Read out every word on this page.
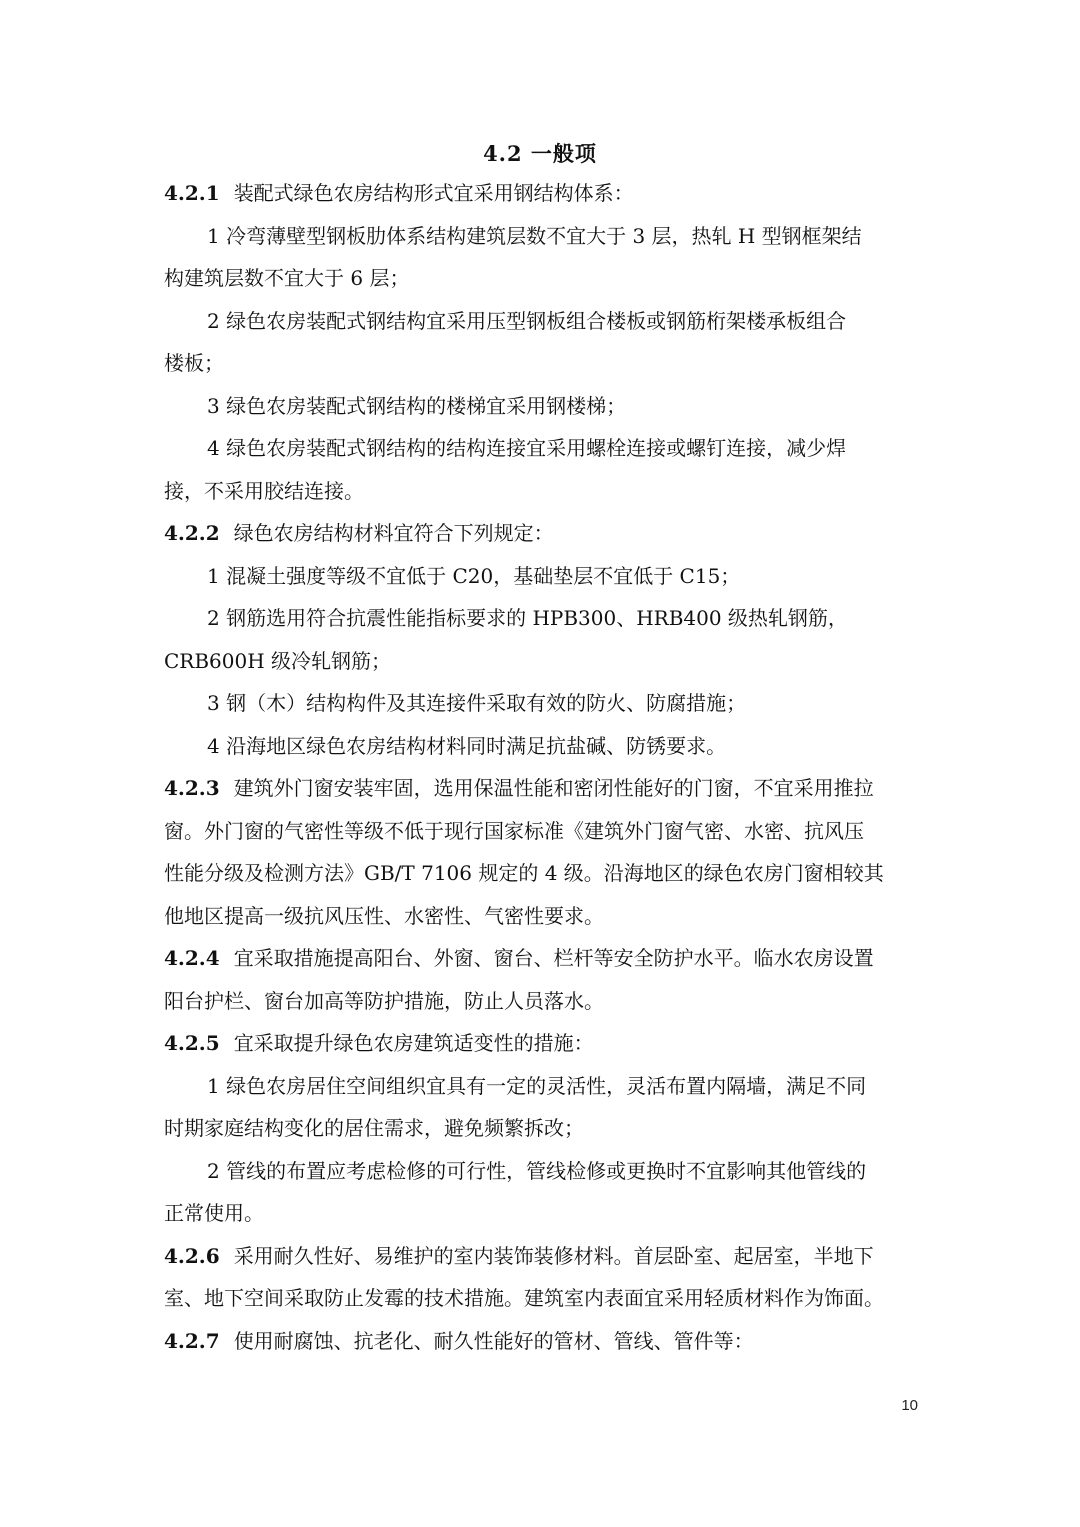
4.2 一般项
4.2.1 装配式绿色农房结构形式宜采用钢结构体系：
1 冷弯薄壁型钢板肋体系结构建筑层数不宜大于 3 层，热轧 H 型钢框架结
构建筑层数不宜大于 6 层；
2 绿色农房装配式钢结构宜采用压型钢板组合楼板或钢筋桁架楼承板组合
楼板；
3 绿色农房装配式钢结构的楼梯宜采用钢楼梯；
4 绿色农房装配式钢结构的结构连接宜采用螺栓连接或螺钉连接，减少焊
接，不采用胶结连接。
4.2.2 绿色农房结构材料宜符合下列规定：
1 混凝土强度等级不宜低于 C20，基础垫层不宜低于 C15；
2 钢筋选用符合抗震性能指标要求的 HPB300、HRB400 级热轧钢筋，
CRB600H 级冷轧钢筋；
3 钢（木）结构构件及其连接件采取有效的防火、防腐措施；
4 沿海地区绿色农房结构材料同时满足抗盐碱、防锈要求。
4.2.3 建筑外门窗安装牢固，选用保温性能和密闭性能好的门窗，不宜采用推拉
窗。外门窗的气密性等级不低于现行国家标准《建筑外门窗气密、水密、抗风压
性能分级及检测方法》GB/T 7106 规定的 4 级。沿海地区的绿色农房门窗相较其
他地区提高一级抗风压性、水密性、气密性要求。
4.2.4 宜采取措施提高阳台、外窗、窗台、栏杆等安全防护水平。临水农房设置
阳台护栏、窗台加高等防护措施，防止人员落水。
4.2.5 宜采取提升绿色农房建筑适变性的措施：
1 绿色农房居住空间组织宜具有一定的灵活性，灵活布置内隔墙，满足不同
时期家庭结构变化的居住需求，避免频繁拆改；
2 管线的布置应考虑检修的可行性，管线检修或更换时不宜影响其他管线的
正常使用。
4.2.6 采用耐久性好、易维护的室内装饰装修材料。首层卧室、起居室，半地下
室、地下空间采取防止发霉的技术措施。建筑室内表面宜采用轻质材料作为饰面。
4.2.7 使用耐腐蚀、抗老化、耐久性能好的管材、管线、管件等：
10
